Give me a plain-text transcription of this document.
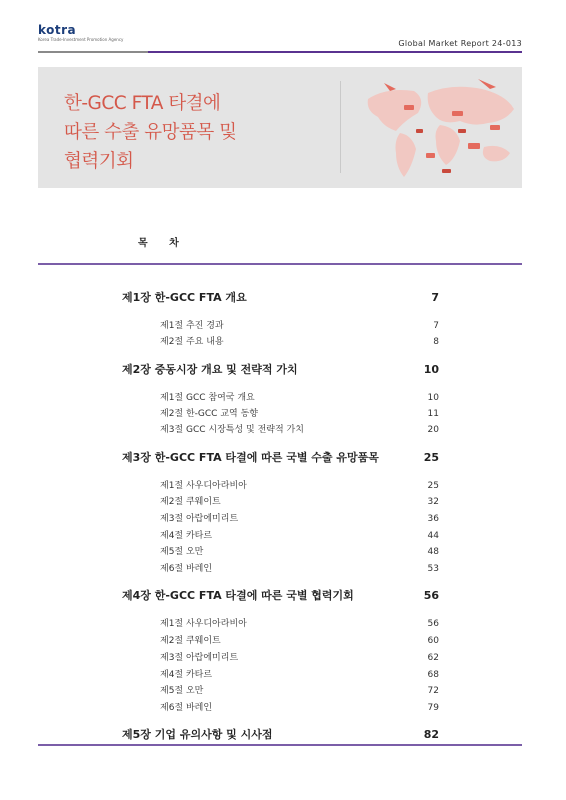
kotra
Korea Trade-Investment Promotion Agency	Global Market Report 24-013
한-GCC FTA 타결에
따른 수출 유망품목 및
협력기회
목 차
제1장 한-GCC FTA 개요	7
제1절 추진 경과	7
제2절 주요 내용	8
제2장 중동시장 개요 및 전략적 가치	10
제1절 GCC 참여국 개요	10
제2절 한-GCC 교역 동향	11
제3절 GCC 시장특성 및 전략적 가치	20
제3장 한-GCC FTA 타결에 따른 국별 수출 유망품목	25
제1절 사우디아라비아	25
제2절 쿠웨이트	32
제3절 아랍에미리트	36
제4절 카타르	44
제5절 오만	48
제6절 바레인	53
제4장 한-GCC FTA 타결에 따른 국별 협력기회	56
제1절 사우디아라비아	56
제2절 쿠웨이트	60
제3절 아랍에미리트	62
제4절 카타르	68
제5절 오만	72
제6절 바레인	79
제5장 기업 유의사항 및 시사점	82
